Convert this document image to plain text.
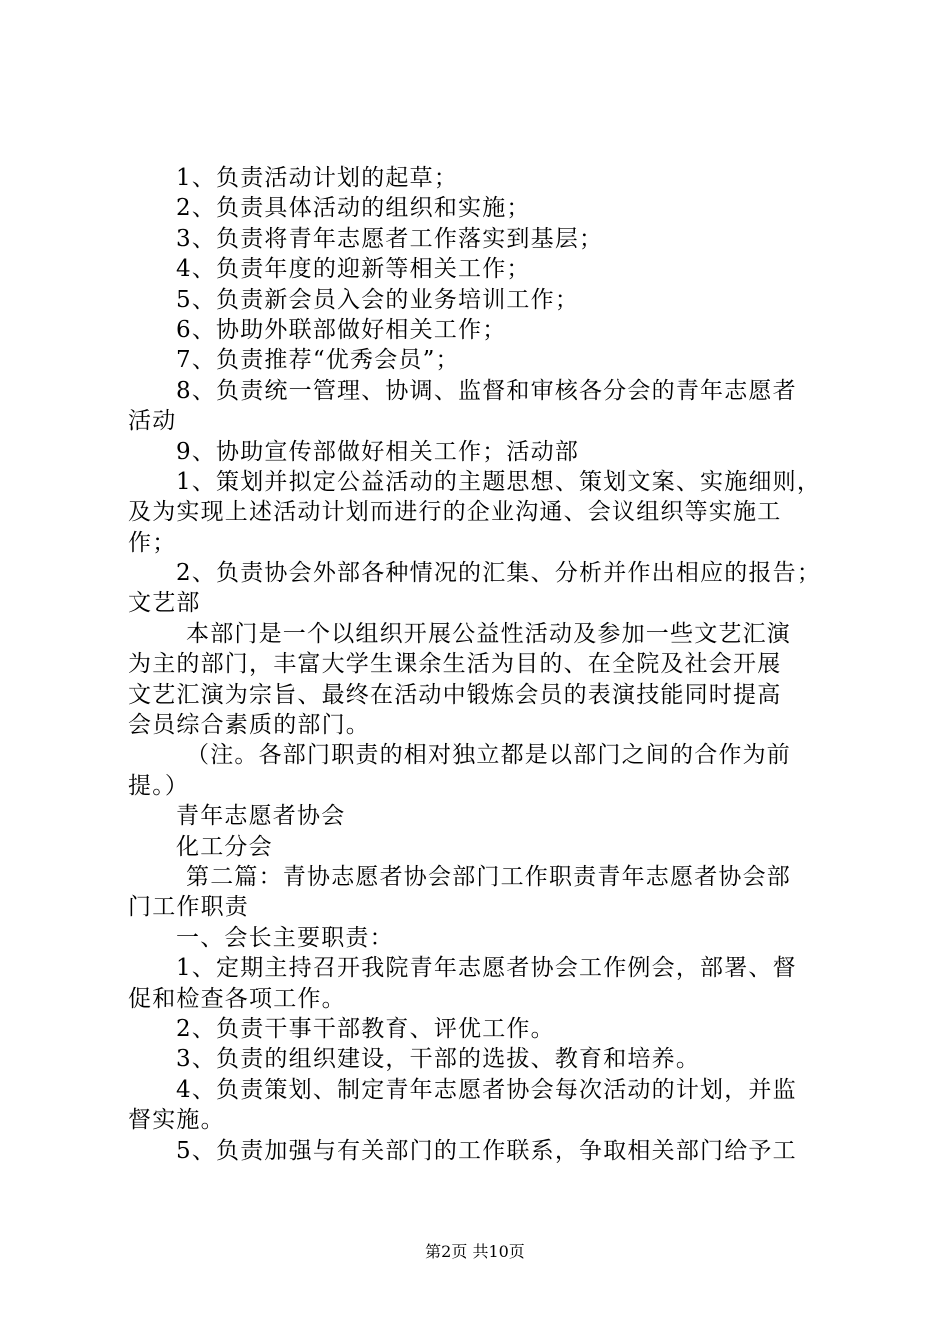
1、负责活动计划的起草；
2、负责具体活动的组织和实施；
3、负责将青年志愿者工作落实到基层；
4、负责年度的迎新等相关工作；
5、负责新会员入会的业务培训工作；
6、协助外联部做好相关工作；
7、负责推荐“优秀会员”；
8、负责统一管理、协调、监督和审核各分会的青年志愿者
活动
9、协助宣传部做好相关工作；活动部
1、策划并拟定公益活动的主题思想、策划文案、实施细则，
及为实现上述活动计划而进行的企业沟通、会议组织等实施工
作；
2、负责协会外部各种情况的汇集、分析并作出相应的报告；
文艺部
本部门是一个以组织开展公益性活动及参加一些文艺汇演
为主的部门，丰富大学生课余生活为目的、在全院及社会开展
文艺汇演为宗旨、最终在活动中锻炼会员的表演技能同时提高
会员综合素质的部门。
（注。各部门职责的相对独立都是以部门之间的合作为前
提。）
青年志愿者协会
化工分会
第二篇：青协志愿者协会部门工作职责青年志愿者协会部
门工作职责
一、会长主要职责：
1、定期主持召开我院青年志愿者协会工作例会，部署、督
促和检查各项工作。
2、负责干事干部教育、评优工作。
3、负责的组织建设，干部的选拔、教育和培养。
4、负责策划、制定青年志愿者协会每次活动的计划，并监
督实施。
5、负责加强与有关部门的工作联系，争取相关部门给予工
第2页 共10页
